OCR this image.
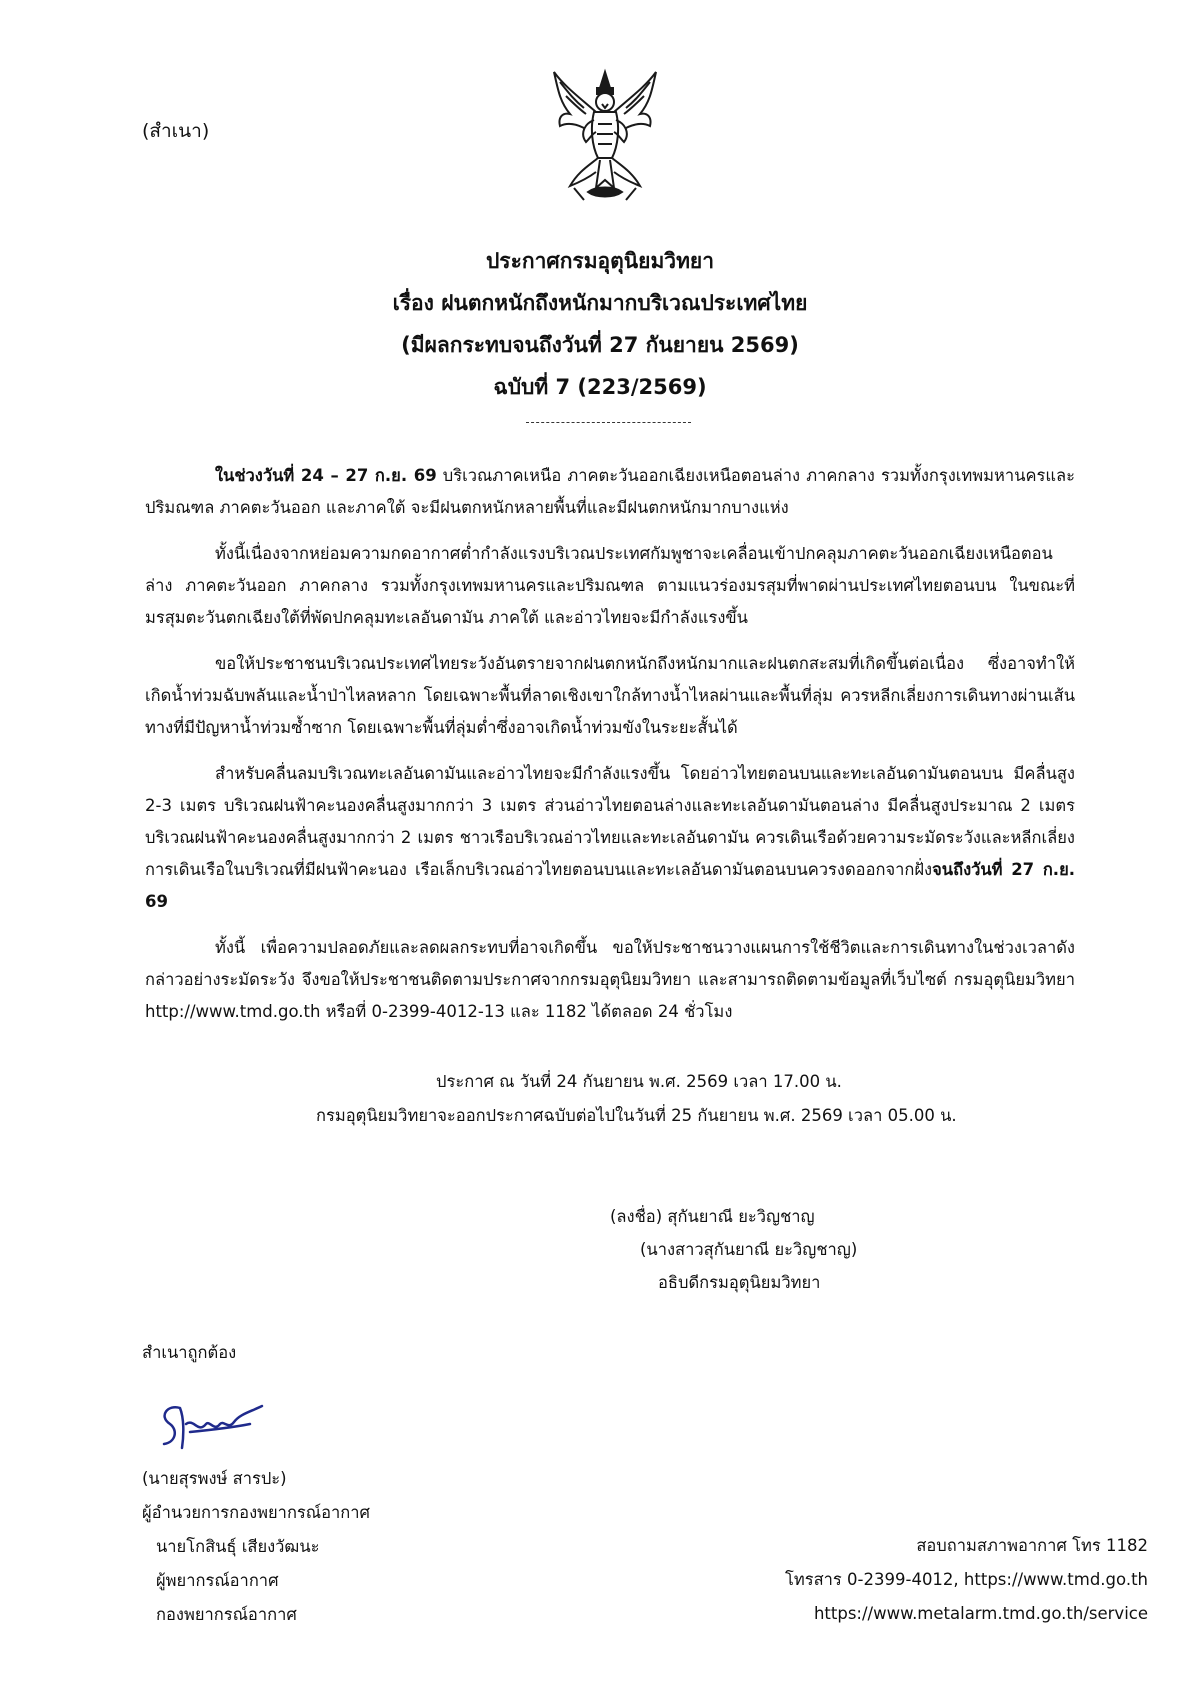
(สำเนา)
ประกาศกรมอุตุนิยมวิทยา
เรื่อง ฝนตกหนักถึงหนักมากบริเวณประเทศไทย
(มีผลกระทบจนถึงวันที่ 27 กันยายน 2569)
ฉบับที่ 7 (223/2569)

ในช่วงวันที่ 24 – 27 ก.ย. 69 บริเวณภาคเหนือ ภาคตะวันออกเฉียงเหนือตอนล่าง ภาคกลาง รวมทั้งกรุงเทพมหานครและปริมณฑล ภาคตะวันออก และภาคใต้ จะมีฝนตกหนักหลายพื้นที่และมีฝนตกหนักมากบางแห่ง

ทั้งนี้เนื่องจากหย่อมความกดอากาศต่ำกำลังแรงบริเวณประเทศกัมพูชาจะเคลื่อนเข้าปกคลุมภาคตะวันออกเฉียงเหนือตอนล่าง ภาคตะวันออก ภาคกลาง รวมทั้งกรุงเทพมหานครและปริมณฑล ตามแนวร่องมรสุมที่พาดผ่านประเทศไทยตอนบน ในขณะที่มรสุมตะวันตกเฉียงใต้ที่พัดปกคลุมทะเลอันดามัน ภาคใต้ และอ่าวไทยจะมีกำลังแรงขึ้น

ขอให้ประชาชนบริเวณประเทศไทยระวังอันตรายจากฝนตกหนักถึงหนักมากและฝนตกสะสมที่เกิดขึ้นต่อเนื่อง ซึ่งอาจทำให้เกิดน้ำท่วมฉับพลันและน้ำป่าไหลหลาก โดยเฉพาะพื้นที่ลาดเชิงเขาใกล้ทางน้ำไหลผ่านและพื้นที่ลุ่ม ควรหลีกเลี่ยงการเดินทางผ่านเส้นทางที่มีปัญหาน้ำท่วมซ้ำซาก โดยเฉพาะพื้นที่ลุ่มต่ำซึ่งอาจเกิดน้ำท่วมขังในระยะสั้นได้

สำหรับคลื่นลมบริเวณทะเลอันดามันและอ่าวไทยจะมีกำลังแรงขึ้น โดยอ่าวไทยตอนบนและทะเลอันดามันตอนบน มีคลื่นสูง 2-3 เมตร บริเวณฝนฟ้าคะนองคลื่นสูงมากกว่า 3 เมตร ส่วนอ่าวไทยตอนล่างและทะเลอันดามันตอนล่าง มีคลื่นสูงประมาณ 2 เมตร บริเวณฝนฟ้าคะนองคลื่นสูงมากกว่า 2 เมตร ชาวเรือบริเวณอ่าวไทยและทะเลอันดามัน ควรเดินเรือด้วยความระมัดระวังและหลีกเลี่ยงการเดินเรือในบริเวณที่มีฝนฟ้าคะนอง เรือเล็กบริเวณอ่าวไทยตอนบนและทะเลอันดามันตอนบนควรงดออกจากฝั่งจนถึงวันที่ 27 ก.ย. 69

ทั้งนี้ เพื่อความปลอดภัยและลดผลกระทบที่อาจเกิดขึ้น ขอให้ประชาชนวางแผนการใช้ชีวิตและการเดินทางในช่วงเวลาดังกล่าวอย่างระมัดระวัง จึงขอให้ประชาชนติดตามประกาศจากกรมอุตุนิยมวิทยา และสามารถติดตามข้อมูลที่เว็บไซต์ กรมอุตุนิยมวิทยา http://www.tmd.go.th หรือที่ 0-2399-4012-13 และ 1182 ได้ตลอด 24 ชั่วโมง

ประกาศ ณ วันที่ 24 กันยายน พ.ศ. 2569 เวลา 17.00 น.
กรมอุตุนิยมวิทยาจะออกประกาศฉบับต่อไปในวันที่ 25 กันยายน พ.ศ. 2569 เวลา 05.00 น.
(ลงชื่อ) สุกันยาณี ยะวิญชาญ
(นางสาวสุกันยาณี ยะวิญชาญ)
อธิบดีกรมอุตุนิยมวิทยา
สำเนาถูกต้อง
(นายสุรพงษ์ สารปะ)
ผู้อำนวยการกองพยากรณ์อากาศ
นายโกสินธุ์ เสียงวัฒนะ
ผู้พยากรณ์อากาศ
กองพยากรณ์อากาศ
สอบถามสภาพอากาศ โทร 1182
โทรสาร 0-2399-4012, https://www.tmd.go.th
https://www.metalarm.tmd.go.th/service
